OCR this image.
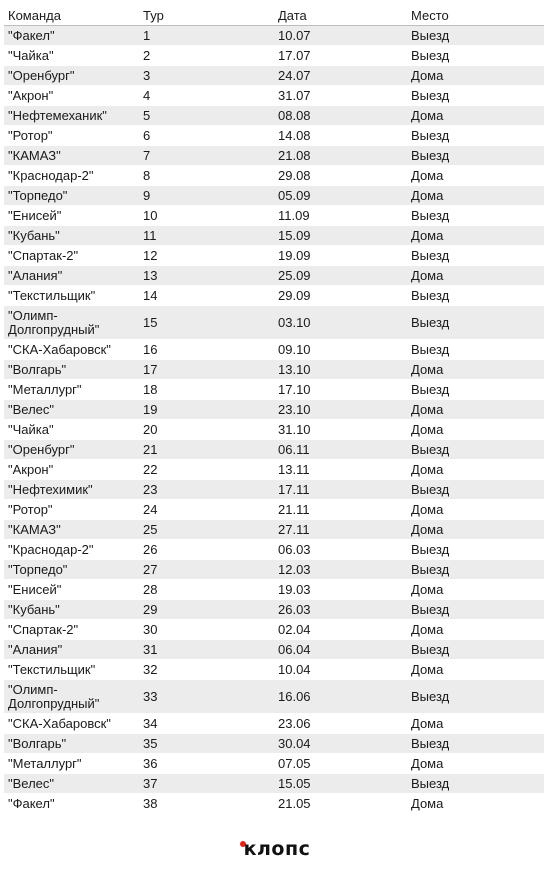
Команда	Тур	Дата	Место
"Факел"	1	10.07	Выезд
"Чайка"	2	17.07	Выезд
"Оренбург"	3	24.07	Дома
"Акрон"	4	31.07	Выезд
"Нефтемеханик"	5	08.08	Дома
"Ротор"	6	14.08	Выезд
"КАМАЗ"	7	21.08	Выезд
"Краснодар-2"	8	29.08	Дома
"Торпедо"	9	05.09	Дома
"Енисей"	10	11.09	Выезд
"Кубань"	11	15.09	Дома
"Спартак-2"	12	19.09	Выезд
"Алания"	13	25.09	Дома
"Текстильщик"	14	29.09	Выезд
"Олимп-Долгопрудный"	15	03.10	Выезд
"СКА-Хабаровск"	16	09.10	Выезд
"Волгарь"	17	13.10	Дома
"Металлург"	18	17.10	Выезд
"Велес"	19	23.10	Дома
"Чайка"	20	31.10	Дома
"Оренбург"	21	06.11	Выезд
"Акрон"	22	13.11	Дома
"Нефтехимик"	23	17.11	Выезд
"Ротор"	24	21.11	Дома
"КАМАЗ"	25	27.11	Дома
"Краснодар-2"	26	06.03	Выезд
"Торпедо"	27	12.03	Выезд
"Енисей"	28	19.03	Дома
"Кубань"	29	26.03	Выезд
"Спартак-2"	30	02.04	Дома
"Алания"	31	06.04	Выезд
"Текстильщик"	32	10.04	Дома
"Олимп-Долгопрудный"	33	16.06	Выезд
"СКА-Хабаровск"	34	23.06	Дома
"Волгарь"	35	30.04	Выезд
"Металлург"	36	07.05	Дома
"Велес"	37	15.05	Выезд
"Факел"	38	21.05	Дома
клопс
